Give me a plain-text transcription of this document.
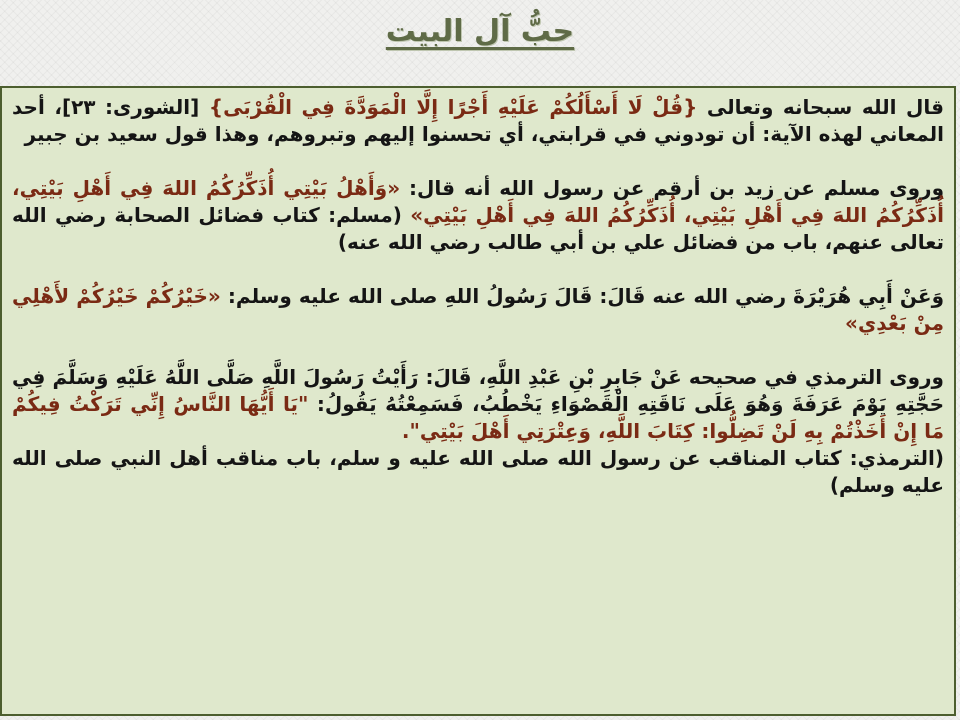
حبُّ آل البيت

قال الله سبحانه وتعالى {قُلْ لَا أَسْأَلُكُمْ عَلَيْهِ أَجْرًا إِلَّا الْمَوَدَّةَ فِي الْقُرْبَى} [الشورى: ٢٣]، أحد المعاني لهذه الآية: أن تودوني في قرابتي، أي تحسنوا إليهم وتبروهم، وهذا قول سعيد بن جبير

وروى مسلم عن زيد بن أرقم عن رسول الله أنه قال: «وَأَهْلُ بَيْتِي أُذَكِّرُكُمُ اللهَ فِي أَهْلِ بَيْتِي، أُذَكِّرُكُمُ اللهَ فِي أَهْلِ بَيْتِي، أُذَكِّرُكُمُ اللهَ فِي أَهْلِ بَيْتِي» (مسلم: كتاب فضائل الصحابة رضي الله تعالى عنهم، باب من فضائل علي بن أبي طالب رضي الله عنه)

وَعَنْ أَبِي هُرَيْرَةَ رضي الله عنه قَالَ: قَالَ رَسُولُ اللهِ صلى الله عليه وسلم: «خَيْرُكُمْ خَيْرُكُمْ لأَهْلِي مِنْ بَعْدِي»

وروى الترمذي في صحيحه عَنْ جَابِرِ بْنِ عَبْدِ اللَّهِ، قَالَ: رَأَيْتُ رَسُولَ اللَّهِ صَلَّى اللَّهُ عَلَيْهِ وَسَلَّمَ فِي حَجَّتِهِ يَوْمَ عَرَفَةَ وَهُوَ عَلَى نَاقَتِهِ الْقَصْوَاءِ يَخْطُبُ، فَسَمِعْتُهُ يَقُولُ: "يَا أَيُّهَا النَّاسُ إِنِّي تَرَكْتُ فِيكُمْ مَا إِنْ أَخَذْتُمْ بِهِ لَنْ تَضِلُّوا: كِتَابَ اللَّهِ، وَعِتْرَتِي أَهْلَ بَيْتِي".

(الترمذي: كتاب المناقب عن رسول الله صلى الله عليه و سلم، باب مناقب أهل النبي صلى الله عليه وسلم)
